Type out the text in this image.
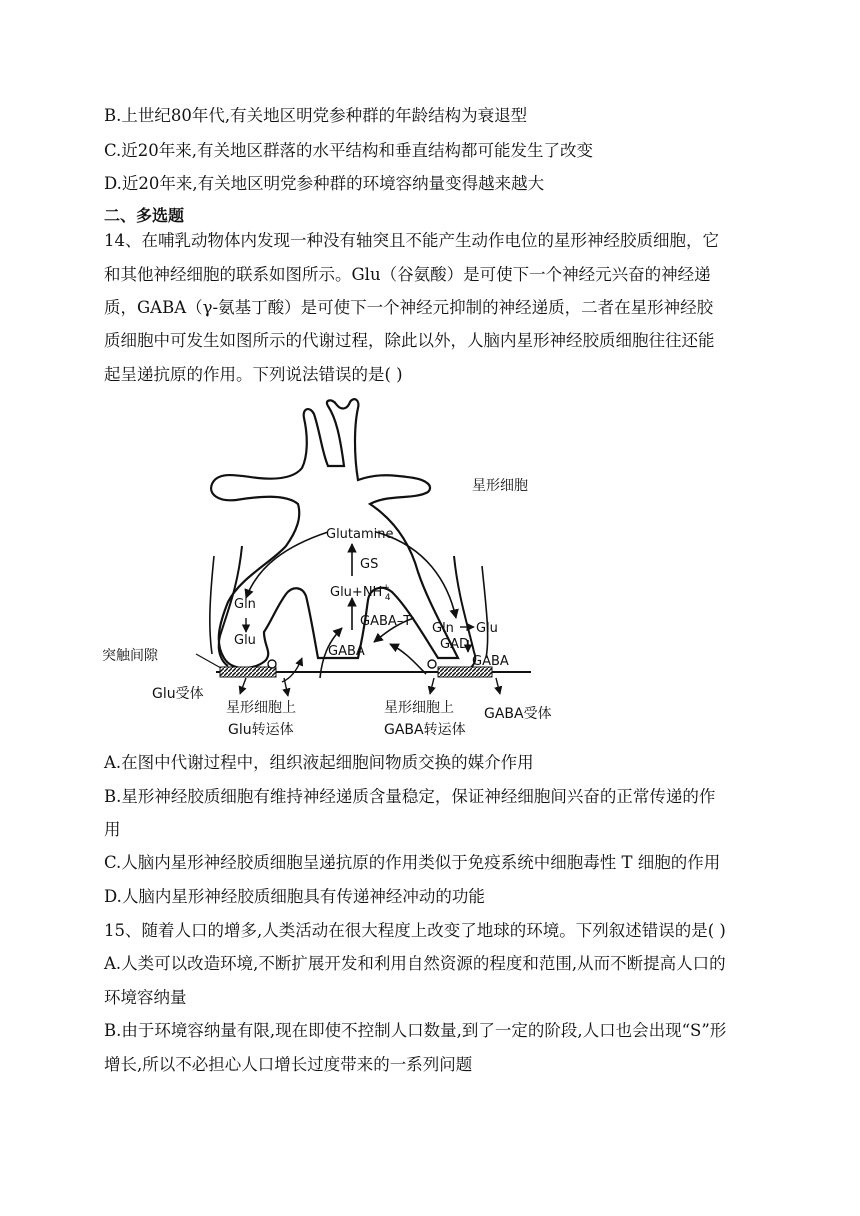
B.上世纪80年代,有关地区明党参种群的年龄结构为衰退型
C.近20年来,有关地区群落的水平结构和垂直结构都可能发生了改变
D.近20年来,有关地区明党参种群的环境容纳量变得越来越大
二、多选题
14、在哺乳动物体内发现一种没有轴突且不能产生动作电位的星形神经胶质细胞，它
和其他神经细胞的联系如图所示。Glu（谷氨酸）是可使下一个神经元兴奋的神经递
质，GABA（γ-氨基丁酸）是可使下一个神经元抑制的神经递质，二者在星形神经胶
质细胞中可发生如图所示的代谢过程，除此以外，人脑内星形神经胶质细胞往往还能
起呈递抗原的作用。下列说法错误的是( )
星形细胞
Glutamine
GS
Glu+NH+ 4
GABA–T
GABA
Gln
Glu
Gln Glu
GAD
GABA
突触间隙
Glu受体
星形细胞上
Glu转运体
星形细胞上
GABA转运体
GABA受体
A.在图中代谢过程中，组织液起细胞间物质交换的媒介作用
B.星形神经胶质细胞有维持神经递质含量稳定，保证神经细胞间兴奋的正常传递的作
用
C.人脑内星形神经胶质细胞呈递抗原的作用类似于免疫系统中细胞毒性 T 细胞的作用
D.人脑内星形神经胶质细胞具有传递神经冲动的功能
15、随着人口的增多,人类活动在很大程度上改变了地球的环境。下列叙述错误的是( )
A.人类可以改造环境,不断扩展开发和利用自然资源的程度和范围,从而不断提高人口的
环境容纳量
B.由于环境容纳量有限,现在即使不控制人口数量,到了一定的阶段,人口也会出现“S”形
增长,所以不必担心人口增长过度带来的一系列问题
